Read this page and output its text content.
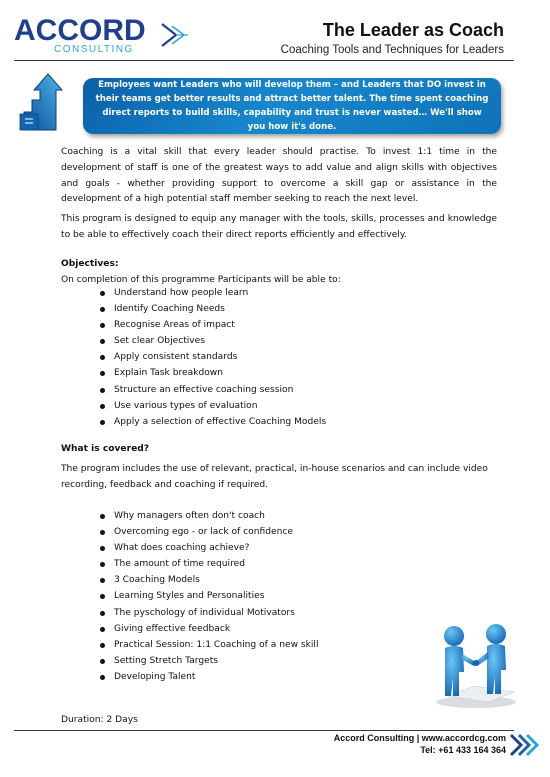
ACCORD
CONSULTING
The Leader as Coach
Coaching Tools and Techniques for Leaders
Employees want Leaders who will develop them – and Leaders that DO invest in their teams get better results and attract better talent. The time spent coaching direct reports to build skills, capability and trust is never wasted… We'll show you how it's done.
Coaching is a vital skill that every leader should practise. To invest 1:1 time in the development of staff is one of the greatest ways to add value and align skills with objectives and goals - whether providing support to overcome a skill gap or assistance in the development of a high potential staff member seeking to reach the next level.
This program is designed to equip any manager with the tools, skills, processes and knowledge to be able to effectively coach their direct reports efficiently and effectively.
Objectives:
On completion of this programme Participants will be able to:
Understand how people learn
Identify Coaching Needs
Recognise Areas of impact
Set clear Objectives
Apply consistent standards
Explain Task breakdown
Structure an effective coaching session
Use various types of evaluation
Apply a selection of effective Coaching Models
What is covered?
The program includes the use of relevant, practical, in-house scenarios and can include video recording, feedback and coaching if required.
Why managers often don't coach
Overcoming ego - or lack of confidence
What does coaching achieve?
The amount of time required
3 Coaching Models
Learning Styles and Personalities
The pyschology of individual Motivators
Giving effective feedback
Practical Session: 1:1 Coaching of a new skill
Setting Stretch Targets
Developing Talent
Duration: 2 Days
Accord Consulting | www.accordcg.com
Tel: +61 433 164 364
